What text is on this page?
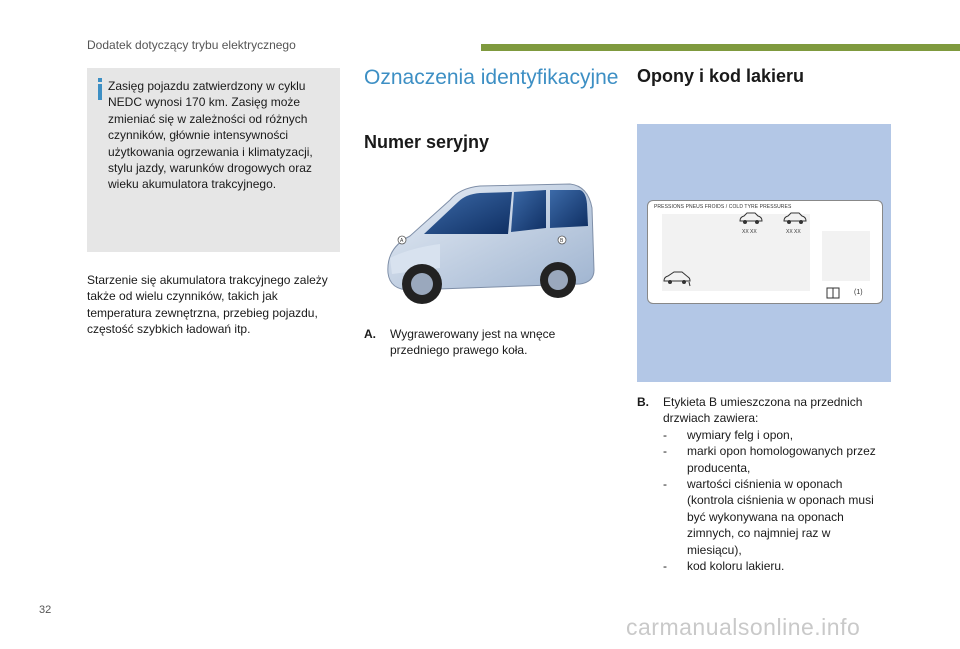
Dodatek dotyczący trybu elektrycznego
Zasięg pojazdu zatwierdzony w cyklu NEDC wynosi 170 km. Zasięg może zmieniać się w zależności od różnych czynników, głównie intensywności użytkowania ogrzewania i klimatyzacji, stylu jazdy, warunków drogowych oraz wieku akumulatora trakcyjnego.
Starzenie się akumulatora trakcyjnego zależy także od wielu czynników, takich jak temperatura zewnętrzna, przebieg pojazdu, częstość szybkich ładowań itp.
Oznaczenia identyfikacyjne
Numer seryjny
A	B
A. Wygrawerowany jest na wnęce przedniego prawego koła.
Opony i kod lakieru
PRESSIONS PNEUS FROIDS / COLD TYRE PRESSURES
XX XX	XX XX
(1)
B. Etykieta B umieszczona na przednich drzwiach zawiera:
- wymiary felg i opon,
- marki opon homologowanych przez producenta,
- wartości ciśnienia w oponach (kontrola ciśnienia w oponach musi być wykonywana na oponach zimnych, co najmniej raz w miesiącu),
- kod koloru lakieru.
32
carmanualsonline.info
